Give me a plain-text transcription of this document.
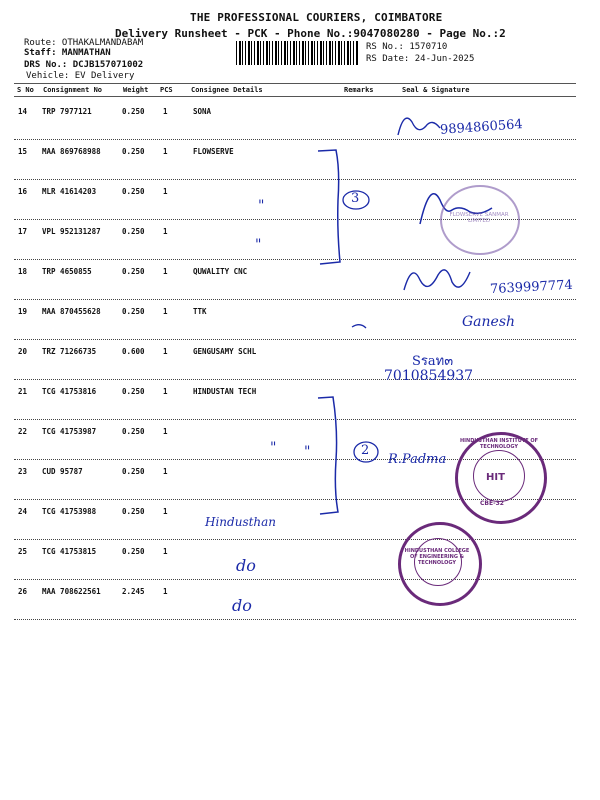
THE PROFESSIONAL COURIERS, COIMBATORE
Delivery Runsheet - PCK - Phone No.:9047080280 - Page No.:2
Route: OTHAKALMANDABAM
Staff: MANMATHAN
DRS No.: DCJB157071002
Vehicle: EV Delivery
RS No.: 1570710
RS Date: 24-Jun-2025
S No Consignment No	Weight PCS	Consignee Details	Remarks	Seal & Signature
14 TRP 7977121	0.250 1	SONA
15 MAA 869768988	0.250 1	FLOWSERVE
16 MLR 41614203	0.250 1
17 VPL 952131287	0.250 1
18 TRP 4650855	0.250 1	QUWALITY CNC
19 MAA 870455628	0.250 1	TTK
20 TRZ 71266735	0.600 1	GENGUSAMY SCHL
21 TCG 41753816	0.250 1	HINDUSTAN TECH
22 TCG 41753987	0.250 1
23 CUD 95787	0.250 1
24 TCG 41753988	0.250 1
25 TCG 41753815	0.250 1
26 MAA 708622561	2.245 1
9894860564
"
"
3
FLOWSERVE SANMAR LIMITED
7639997774
Ganesh
Sรaท๓
7010854937
"	2
R.Padma
HINDUSTHAN INSTITUTE OF TECHNOLOGY
HIT
CBE-32
"
Hindusthan
HINDUSTHAN COLLEGE OF ENGINEERING & TECHNOLOGY
do
do
